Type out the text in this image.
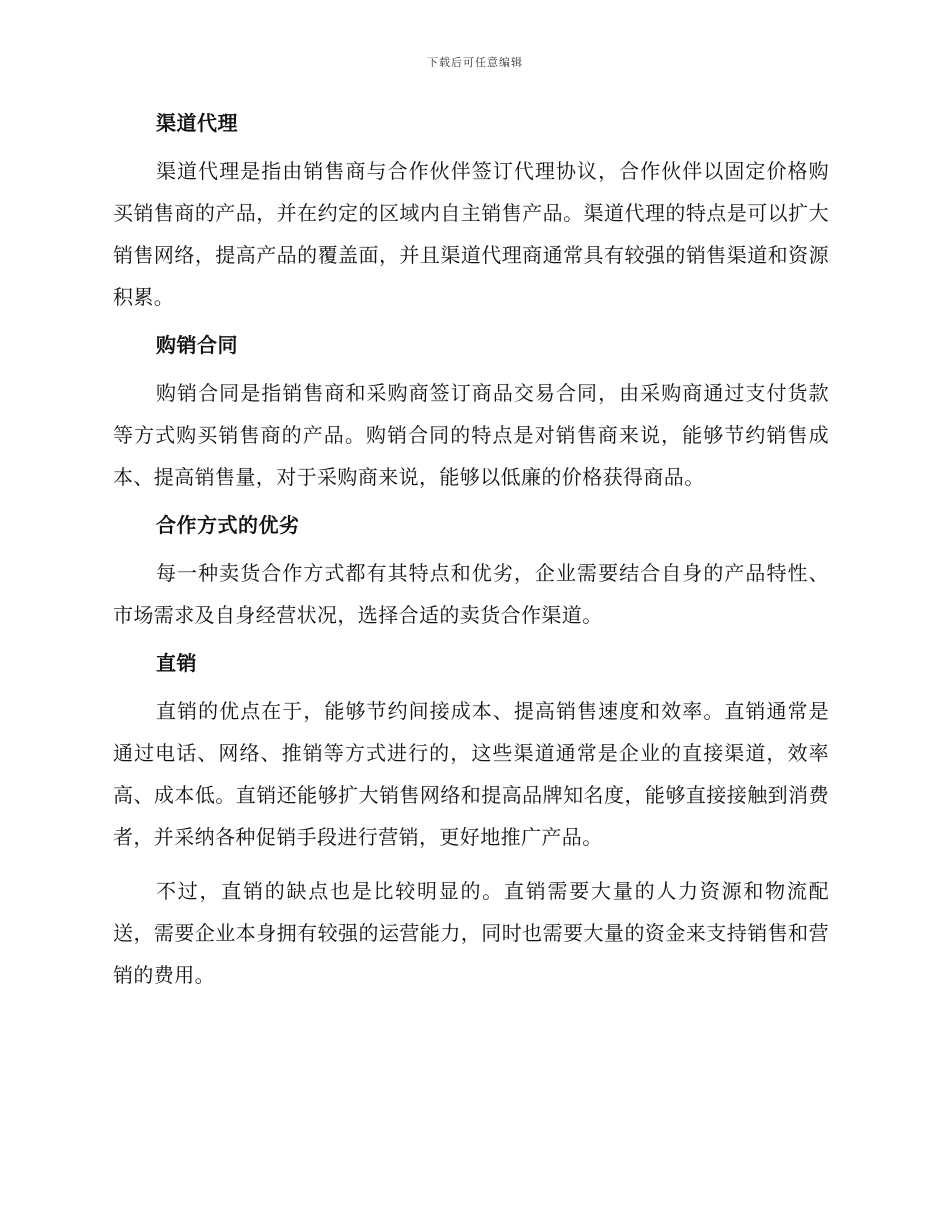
下载后可任意编辑
渠道代理

渠道代理是指由销售商与合作伙伴签订代理协议，合作伙伴以固定价格购买销售商的产品，并在约定的区域内自主销售产品。渠道代理的特点是可以扩大销售网络，提高产品的覆盖面，并且渠道代理商通常具有较强的销售渠道和资源积累。

购销合同

购销合同是指销售商和采购商签订商品交易合同，由采购商通过支付货款等方式购买销售商的产品。购销合同的特点是对销售商来说，能够节约销售成本、提高销售量，对于采购商来说，能够以低廉的价格获得商品。

合作方式的优劣

每一种卖货合作方式都有其特点和优劣，企业需要结合自身的产品特性、市场需求及自身经营状况，选择合适的卖货合作渠道。

直销

直销的优点在于，能够节约间接成本、提高销售速度和效率。直销通常是通过电话、网络、推销等方式进行的，这些渠道通常是企业的直接渠道，效率高、成本低。直销还能够扩大销售网络和提高品牌知名度，能够直接接触到消费者，并采纳各种促销手段进行营销，更好地推广产品。

不过，直销的缺点也是比较明显的。直销需要大量的人力资源和物流配送，需要企业本身拥有较强的运营能力，同时也需要大量的资金来支持销售和营销的费用。
